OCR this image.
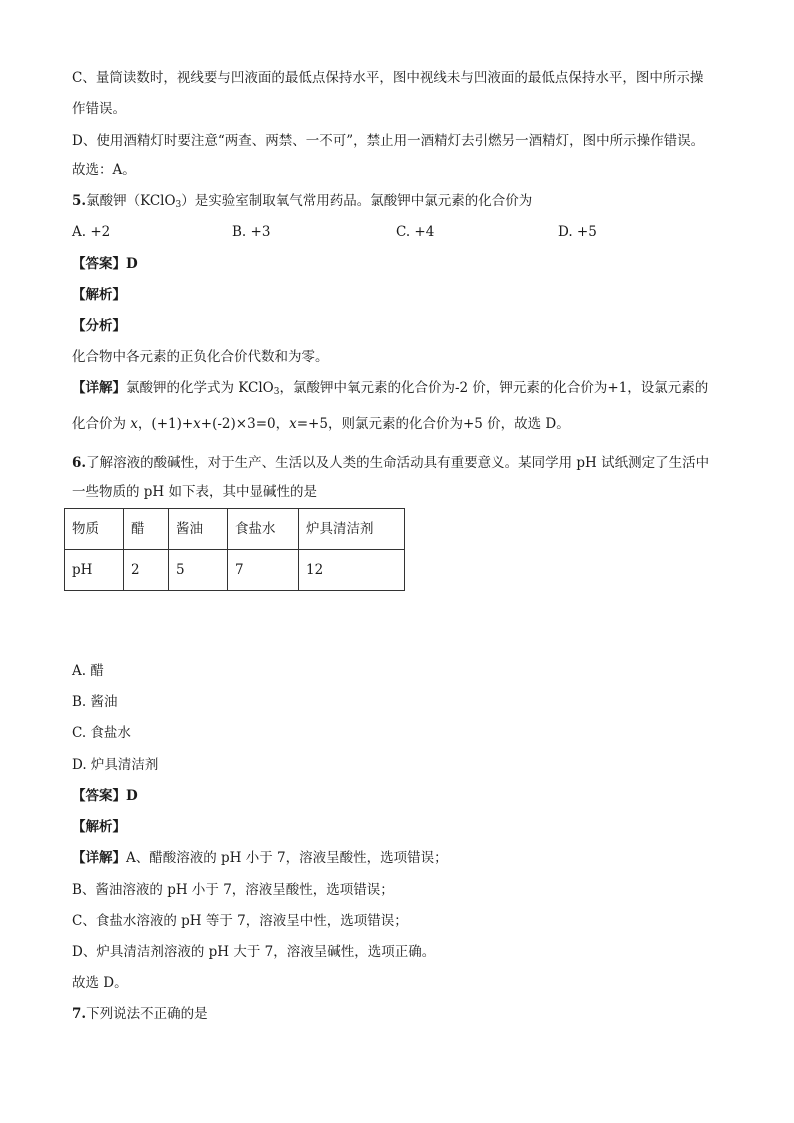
C、量筒读数时，视线要与凹液面的最低点保持水平，图中视线未与凹液面的最低点保持水平，图中所示操
作错误。
D、使用酒精灯时要注意“两查、两禁、一不可”，禁止用一酒精灯去引燃另一酒精灯，图中所示操作错误。
故选：A。
5.氯酸钾（KClO$_3$）是实验室制取氧气常用药品。氯酸钾中氯元素的化合价为
A. +2	B. +3	C. +4	D. +5
【答案】D
【解析】
【分析】
化合物中各元素的正负化合价代数和为零。
【详解】氯酸钾的化学式为 KClO$_3$，氯酸钾中氧元素的化合价为-2 价，钾元素的化合价为+1，设氯元素的
化合价为 x，(+1)+x+(-2)×3=0，x=+5，则氯元素的化合价为+5 价，故选 D。
6.了解溶液的酸碱性，对于生产、生活以及人类的生命活动具有重要意义。某同学用 pH 试纸测定了生活中
一些物质的 pH 如下表，其中显碱性的是
物质	醋	酱油	食盐水	炉具清洁剂
pH	2	5	7	12
A. 醋
B. 酱油
C. 食盐水
D. 炉具清洁剂
【答案】D
【解析】
【详解】A、醋酸溶液的 pH 小于 7，溶液呈酸性，选项错误；
B、酱油溶液的 pH 小于 7，溶液呈酸性，选项错误；
C、食盐水溶液的 pH 等于 7，溶液呈中性，选项错误；
D、炉具清洁剂溶液的 pH 大于 7，溶液呈碱性，选项正确。
故选 D。
7.下列说法不正确的是
